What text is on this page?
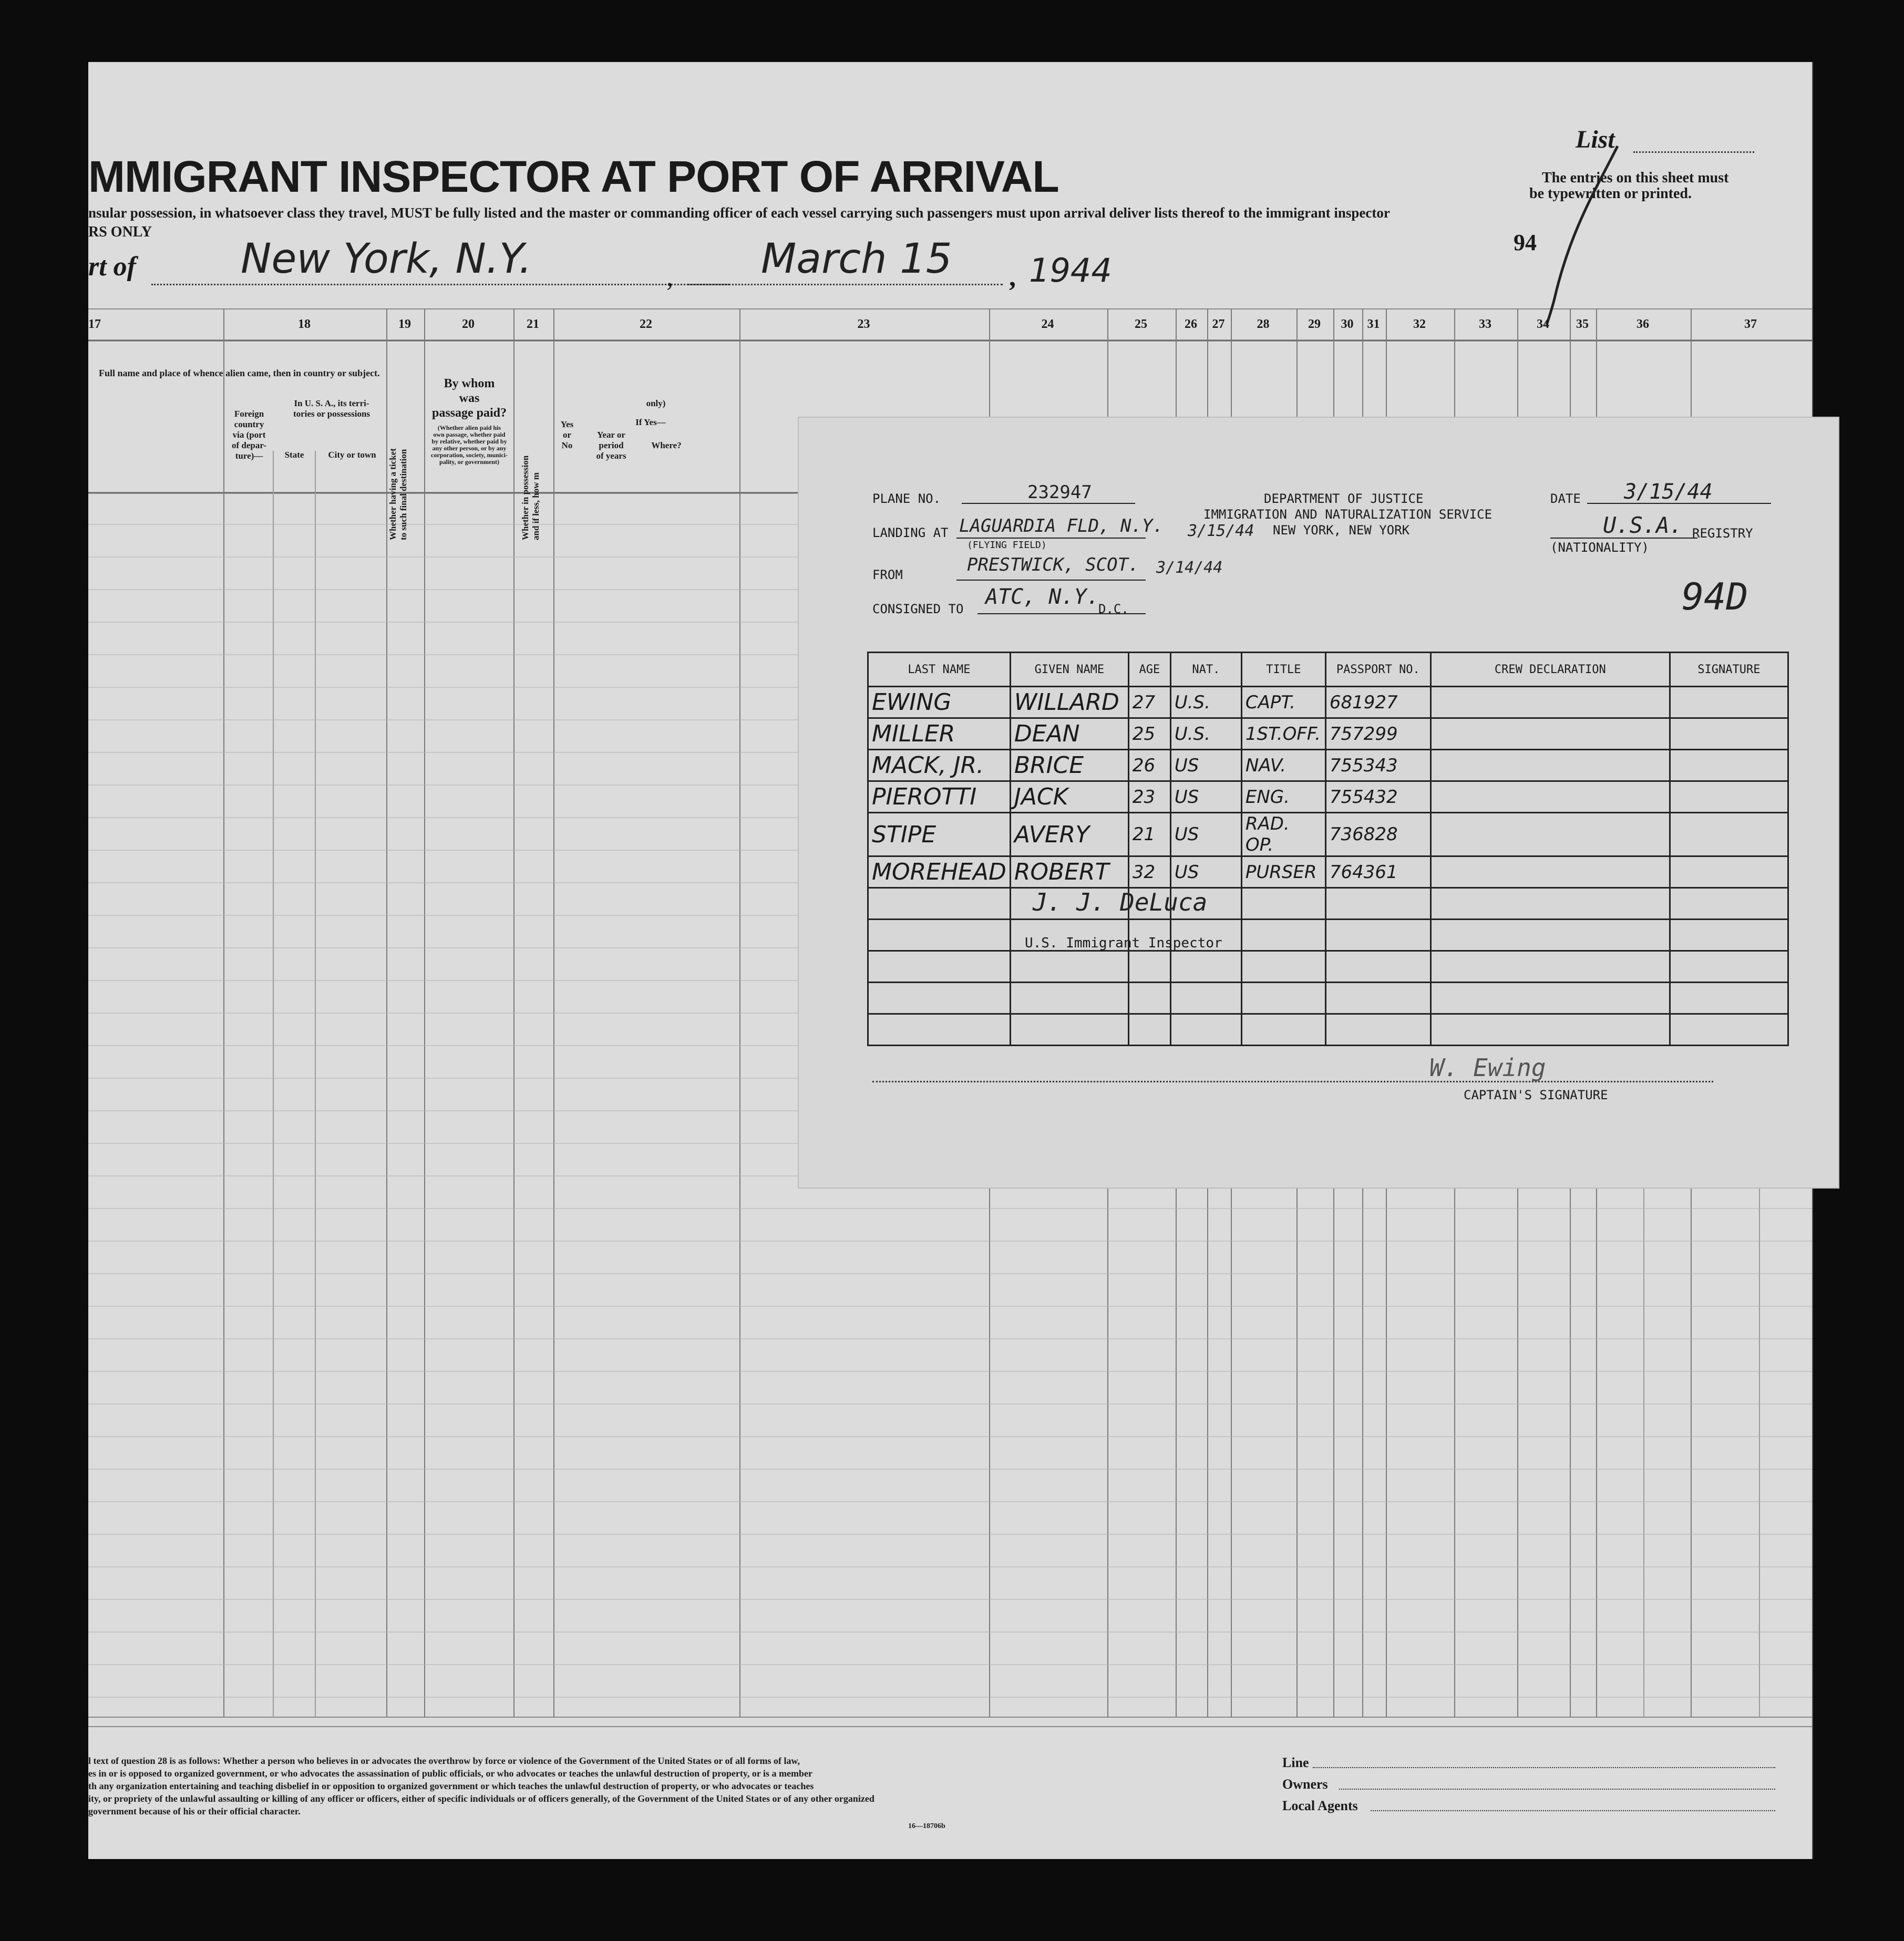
MMIGRANT INSPECTOR AT PORT OF ARRIVAL
nsular possession, in whatsoever class they travel, MUST be fully listed and the master or commanding officer of each vessel carrying such passengers must upon arrival deliver lists thereof to the immigrant inspector
RS ONLY
rt of	New York, N.Y.	, March 15 , 1944
List
The entries on this sheet must
be typewritten or printed.
94
17	18	19	20	21	22	23	24	25	26 27	28	29 30 31	32	33	34 35	36	37
Full name and place of whence alien came, then in country or subject.
Foreign
country
via (port
of depar-
ture)—
In U. S. A., its terri-
tories or possessions
State	City or town
Whether having a ticket
to such final destination
By whom
was
passage paid?
(Whether alien paid his
own passage, whether paid
by relative, whether paid by
any other person, or by any
corporation, society, munici-
pality, or government)
Whether in possession
and if less, how m
Yes
or
No
only)
If Yes—
Year or
period
of years
Where?
l text of question 28 is as follows: Whether a person who believes in or advocates the overthrow by force or violence of the Government of the United States or of all forms of law,
es in or is opposed to organized government, or who advocates the assassination of public officials, or who advocates or teaches the unlawful destruction of property, or is a member
th any organization entertaining and teaching disbelief in or opposition to organized government or which teaches the unlawful destruction of property, or who advocates or teaches
ity, or propriety of the unlawful assaulting or killing of any officer or officers, either of specific individuals or of officers generally, of the Government of the United States or of any other organized
government because of his or their official character.
16—18706b
Line
Owners
Local Agents
PLANE NO.	232947
LANDING AT LAGUARDIA FLD, N.Y. 3/15/44
(FLYING FIELD)
FROM	PRESTWICK, SCOT. 3/14/44
CONSIGNED TO ATC, N.Y.
D.C.
DEPARTMENT OF JUSTICE
IMMIGRATION AND NATURALIZATION SERVICE
NEW YORK, NEW YORK
DATE 3/15/44
U.S.A. REGISTRY
(NATIONALITY)
94D
LAST NAME	GIVEN NAME	AGE	NAT.	TITLE	PASSPORT NO.	CREW DECLARATION	SIGNATURE
EWING	WILLARD	27	U.S.	CAPT.	681927		
MILLER	DEAN	25	U.S.	1ST.OFF.	757299		
MACK, JR.	BRICE	26	US	NAV.	755343		
PIEROTTI	JACK	23	US	ENG.	755432		
STIPE	AVERY	21	US	RAD. OP.	736828		
MOREHEAD	ROBERT	32	US	PURSER	764361		

J. J. DeLuca
U.S. Immigrant Inspector
W. Ewing
CAPTAIN'S SIGNATURE
